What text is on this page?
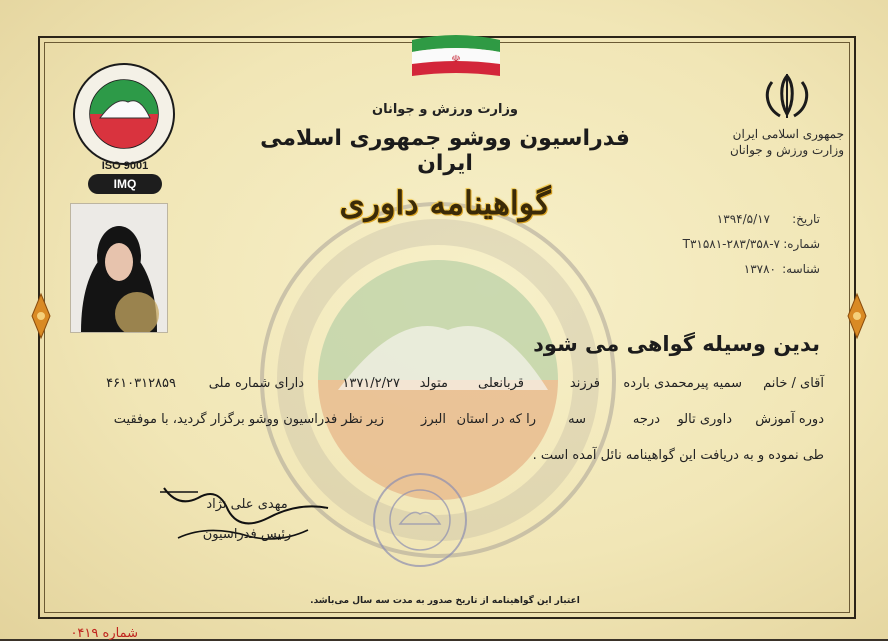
☫
ISO 9001
IMQ
جمهوری اسلامی ایران
وزارت ورزش و جوانان
وزارت ورزش و جوانان
فدراسیون ووشو جمهوری اسلامی ایران
گواهینامه داوری	تاریخ:
۱۳۹۴/۵/۱۷
شماره:
T۳۱۵۸۱-۲۸۳/۳۵۸-۷
شناسه:
۱۳۷۸۰
بدین وسیله گواهی می شود
آقای / خانم
سمیه پیرمحمدی بارده
فرزند
قربانعلی
متولد
۱۳۷۱/۲/۲۷
دارای شماره ملی
۴۶۱۰۳۱۲۸۵۹
دوره آموزش
داوری تالو
درجه
سه
را که در استان
البرز
زیر نظر فدراسیون ووشو برگزار گردید، با موفقیت
طی نموده و به دریافت این گواهینامه نائل آمده است .
مهدی علی نژاد
رئیس فدراسیون
اعتبار این گواهینامه از تاریخ صدور به مدت سه سال می‌باشد.
شماره ۰۴۱۹
